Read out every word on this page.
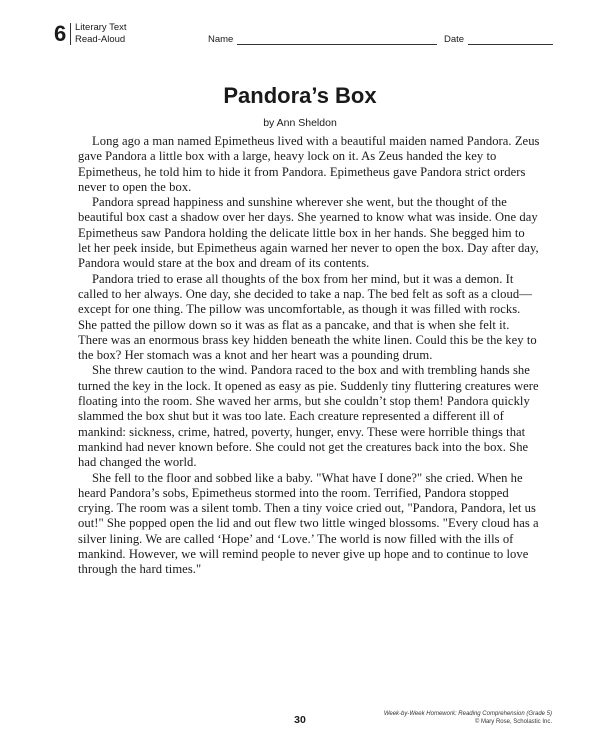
6 Literary Text
Read-Aloud	Name	Date
Pandora’s Box
by Ann Sheldon

Long ago a man named Epimetheus lived with a beautiful maiden named Pandora. Zeus gave Pandora a little box with a large, heavy lock on it. As Zeus handed the key to Epimetheus, he told him to hide it from Pandora. Epimetheus gave Pandora strict orders never to open the box.

Pandora spread happiness and sunshine wherever she went, but the thought of the beautiful box cast a shadow over her days. She yearned to know what was inside. One day Epimetheus saw Pandora holding the delicate little box in her hands. She begged him to let her peek inside, but Epimetheus again warned her never to open the box. Day after day, Pandora would stare at the box and dream of its contents.

Pandora tried to erase all thoughts of the box from her mind, but it was a demon. It called to her always. One day, she decided to take a nap. The bed felt as soft as a cloud—except for one thing. The pillow was uncomfortable, as though it was filled with rocks. She patted the pillow down so it was as flat as a pancake, and that is when she felt it. There was an enormous brass key hidden beneath the white linen. Could this be the key to the box? Her stomach was a knot and her heart was a pounding drum.

She threw caution to the wind. Pandora raced to the box and with trembling hands she turned the key in the lock. It opened as easy as pie. Suddenly tiny fluttering creatures were floating into the room. She waved her arms, but she couldn’t stop them! Pandora quickly slammed the box shut but it was too late. Each creature represented a different ill of mankind: sickness, crime, hatred, poverty, hunger, envy. These were horrible things that mankind had never known before. She could not get the creatures back into the box. She had changed the world.

She fell to the floor and sobbed like a baby. "What have I done?" she cried. When he heard Pandora’s sobs, Epimetheus stormed into the room. Terrified, Pandora stopped crying. The room was a silent tomb. Then a tiny voice cried out, "Pandora, Pandora, let us out!" She popped open the lid and out flew two little winged blossoms. "Every cloud has a silver lining. We are called ‘Hope’ and ‘Love.’ The world is now filled with the ills of mankind. However, we will remind people to never give up hope and to continue to love through the hard times."

30	Week-by-Week Homework: Reading Comprehension (Grade 5)
© Mary Rose, Scholastic Inc.
